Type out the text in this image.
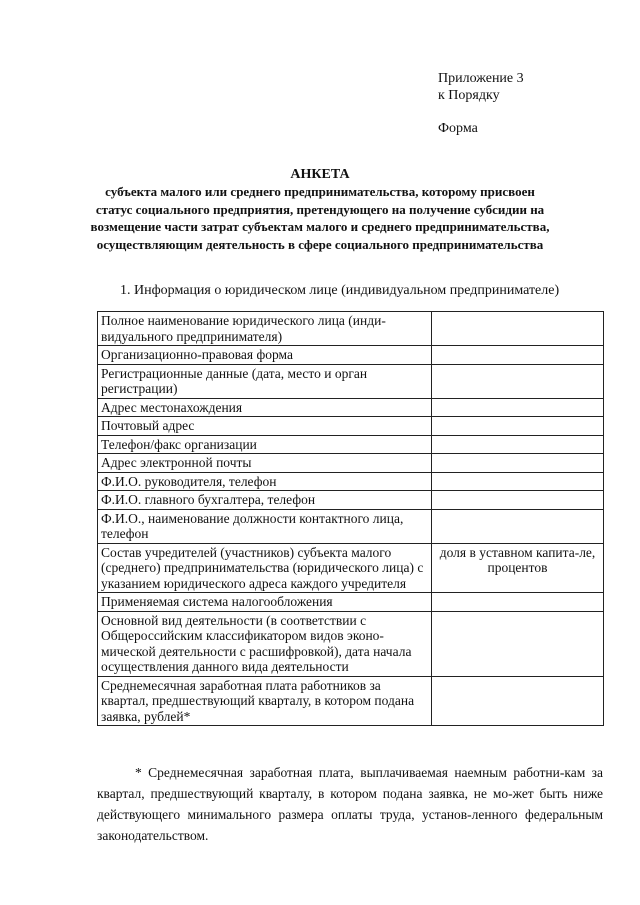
Приложение 3
к Порядку
Форма
АНКЕТА
субъекта малого или среднего предпринимательства, которому присвоен статус социального предприятия, претендующего на получение субсидии на возмещение части затрат субъектам малого и среднего предпринимательства, осуществляющим деятельность в сфере социального предпринимательства
1. Информация о юридическом лице (индивидуальном предпринимателе)
Полное наименование юридического лица (инди-видуального предпринимателя)	
Организационно-правовая форма	
Регистрационные данные (дата, место и орган регистрации)	
Адрес местонахождения	
Почтовый адрес	
Телефон/факс организации	
Адрес электронной почты	
Ф.И.О. руководителя, телефон	
Ф.И.О. главного бухгалтера, телефон	
Ф.И.О., наименование должности контактного лица, телефон	
Состав учредителей (участников) субъекта малого (среднего) предпринимательства (юридического лица) с указанием юридического адреса каждого учредителя	доля в уставном капита-ле, процентов
Применяемая система налогообложения	
Основной вид деятельности (в соответствии с Общероссийским классификатором видов эконо-мической деятельности с расшифровкой), дата начала осуществления данного вида деятельности	
Среднемесячная заработная плата работников за квартал, предшествующий кварталу, в котором подана заявка, рублей*	
* Среднемесячная заработная плата, выплачиваемая наемным работни-кам за квартал, предшествующий кварталу, в котором подана заявка, не мо-жет быть ниже действующего минимального размера оплаты труда, установ-ленного федеральным законодательством.
